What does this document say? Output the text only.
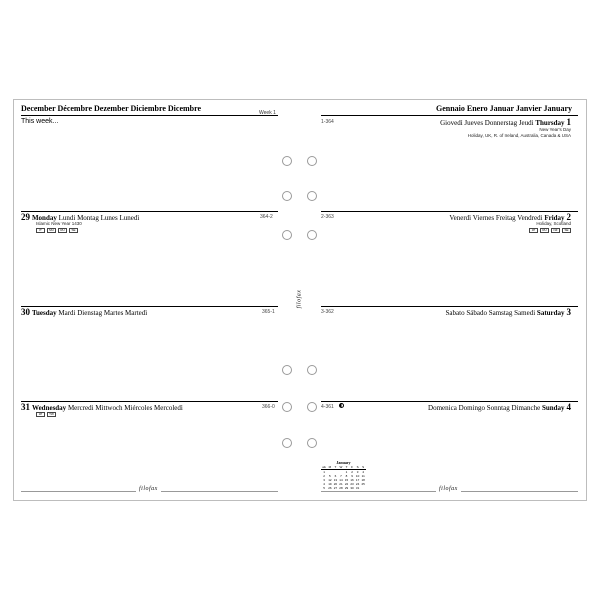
December Décembre Dezember Diciembre Dicembre	Week 1
This week...
29 Monday Lundi Montag Lunes Lunedì	364-2
Islamic New Year 1430
IT	MU	RU	SE
30 Tuesday Mardi Dienstag Martes Martedì	365-1
31 Wednesday Mercredi Mittwoch Miércoles Mercoledì	366-0
JP	TW
filofax
filofax
Gennaio Enero Januar Janvier January
1-364	Giovedì Jueves Donnerstag Jeudi Thursday 1
New Year's Day
Holiday, UK, R. of Ireland, Australia, Canada & USA
2-363	Venerdì Viernes Freitag Vendredi Friday 2
Holiday, Scotland
JP	RU	NZ	SE
3-362	Sabato Sábado Samstag Samedi Saturday 3
4-361	Domenica Domingo Sonntag Dimanche Sunday 4
January
wk	M	T	W	T	F	S	S
1				1	2	3	4
2	5	6	7	8	9	10	11
3	12	13	14	15	16	17	18
4	19	20	21	22	23	24	25
5	26	27	28	29	30	31		filofax
